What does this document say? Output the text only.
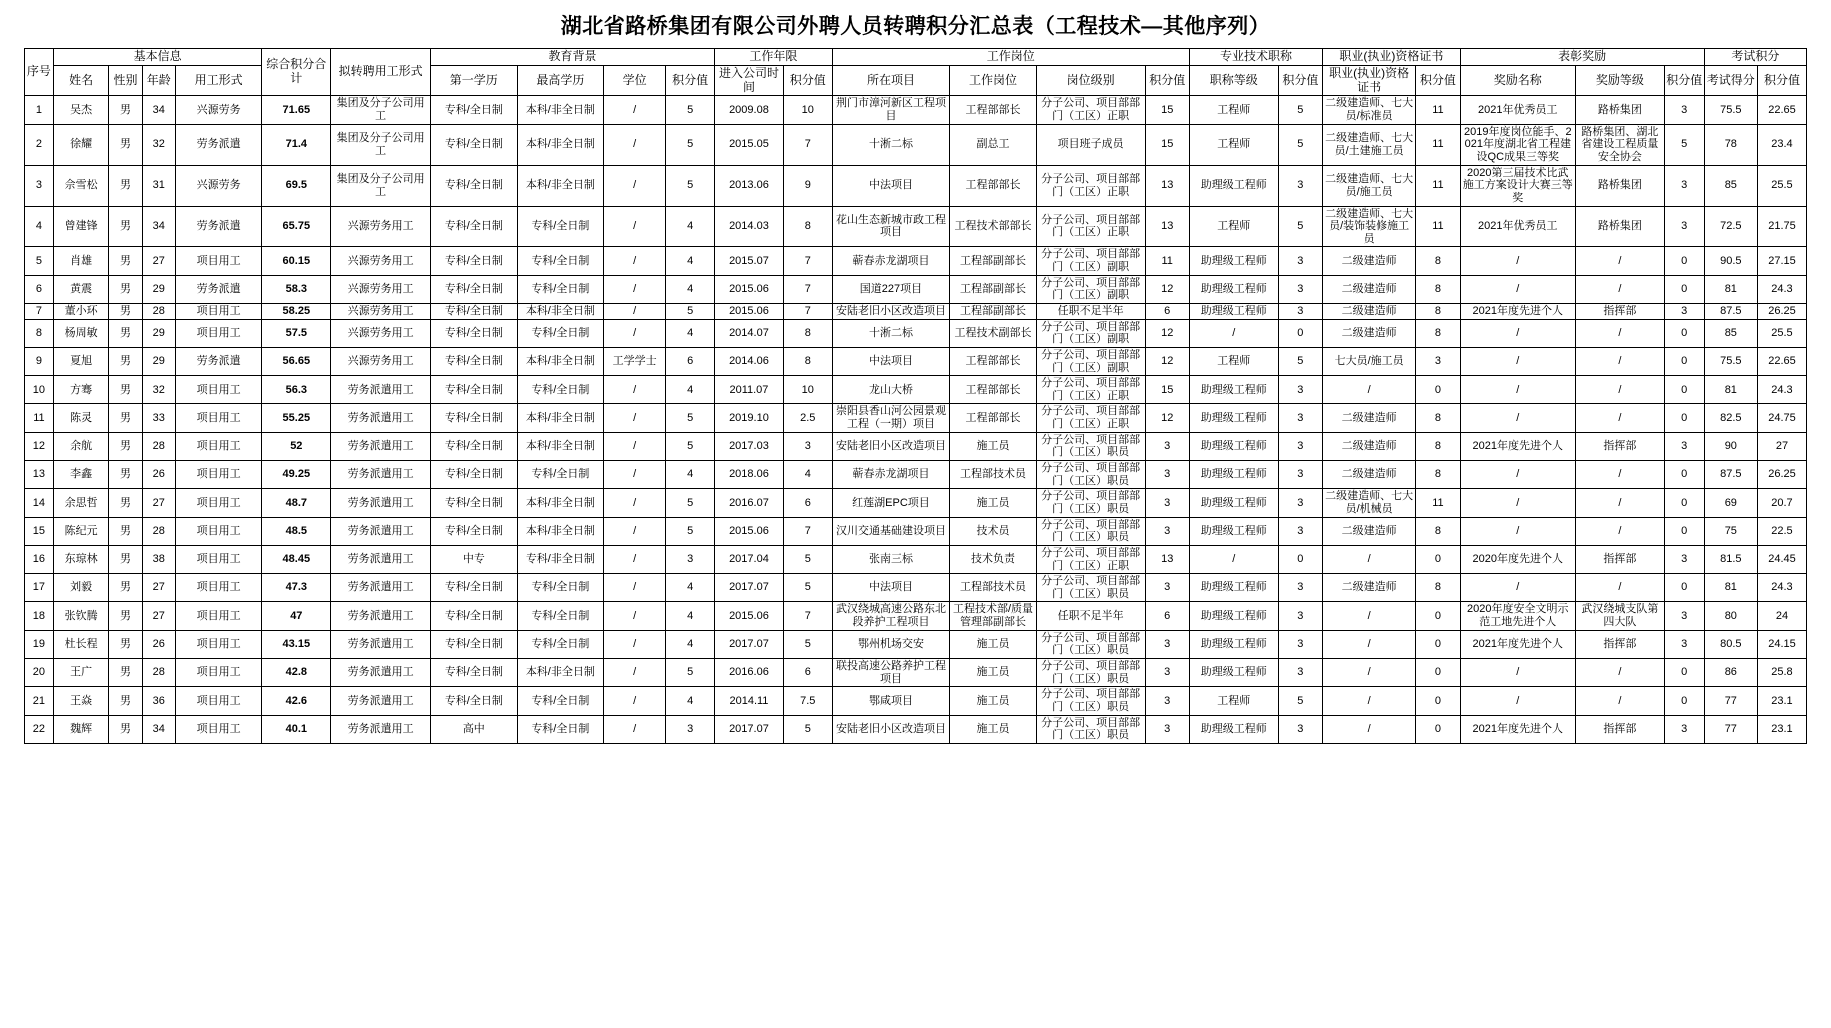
湖北省路桥集团有限公司外聘人员转聘积分汇总表（工程技术—其他序列）
序号	基本信息				综合积分合计	拟转聘用工形式	教育背景				工作年限		工作岗位				专业技术职称		职业(执业)资格证书		表彰奖励			考试积分	
	姓名	性别	年龄	用工形式			第一学历	最高学历	学位	积分值	进入公司时间	积分值	所在项目	工作岗位	岗位级别	积分值	职称等级	积分值	职业(执业)资格证书	积分值	奖励名称	奖励等级	积分值	考试得分	积分值
1	吴杰	男	34	兴源劳务	71.65	集团及分子公司用工	专科/全日制	本科/非全日制	/	5	2009.08	10	荆门市漳河新区工程项目	工程部部长	分子公司、项目部部门（工区）正职	15	工程师	5	二级建造师、七大员/标准员	11	2021年优秀员工	路桥集团	3	75.5	22.65
2	徐耀	男	32	劳务派遣	71.4	集团及分子公司用工	专科/全日制	本科/非全日制	/	5	2015.05	7	十淅二标	副总工	项目班子成员	15	工程师	5	二级建造师、七大员/土建施工员	11	2019年度岗位能手、2021年度湖北省工程建设QC成果三等奖	路桥集团、湖北省建设工程质量安全协会	5	78	23.4
3	佘雪松	男	31	兴源劳务	69.5	集团及分子公司用工	专科/全日制	本科/非全日制	/	5	2013.06	9	中法项目	工程部部长	分子公司、项目部部门（工区）正职	13	助理级工程师	3	二级建造师、七大员/施工员	11	2020第三届技术比武施工方案设计大赛三等奖	路桥集团	3	85	25.5
4	曾建锋	男	34	劳务派遣	65.75	兴源劳务用工	专科/全日制	专科/全日制	/	4	2014.03	8	花山生态新城市政工程项目	工程技术部部长	分子公司、项目部部门（工区）正职	13	工程师	5	二级建造师、七大员/装饰装修施工员	11	2021年优秀员工	路桥集团	3	72.5	21.75
5	肖雄	男	27	项目用工	60.15	兴源劳务用工	专科/全日制	专科/全日制	/	4	2015.07	7	蕲春赤龙湖项目	工程部副部长	分子公司、项目部部门（工区）副职	11	助理级工程师	3	二级建造师	8	/	/	0	90.5	27.15
6	黄震	男	29	劳务派遣	58.3	兴源劳务用工	专科/全日制	专科/全日制	/	4	2015.06	7	国道227项目	工程部副部长	分子公司、项目部部门（工区）副职	12	助理级工程师	3	二级建造师	8	/	/	0	81	24.3
7	董小环	男	28	项目用工	58.25	兴源劳务用工	专科/全日制	本科/非全日制	/	5	2015.06	7	安陆老旧小区改造项目	工程部副部长	任职不足半年	6	助理级工程师	3	二级建造师	8	2021年度先进个人	指挥部	3	87.5	26.25
8	杨周敏	男	29	项目用工	57.5	兴源劳务用工	专科/全日制	专科/全日制	/	4	2014.07	8	十淅二标	工程技术副部长	分子公司、项目部部门（工区）副职	12	/	0	二级建造师	8	/	/	0	85	25.5
9	夏旭	男	29	劳务派遣	56.65	兴源劳务用工	专科/全日制	本科/非全日制	工学学士	6	2014.06	8	中法项目	工程部部长	分子公司、项目部部门（工区）副职	12	工程师	5	七大员/施工员	3	/	/	0	75.5	22.65
10	方骞	男	32	项目用工	56.3	劳务派遣用工	专科/全日制	专科/全日制	/	4	2011.07	10	龙山大桥	工程部部长	分子公司、项目部部门（工区）正职	15	助理级工程师	3	/	0	/	/	0	81	24.3
11	陈灵	男	33	项目用工	55.25	劳务派遣用工	专科/全日制	本科/非全日制	/	5	2019.10	2.5	崇阳县香山河公园景观工程（一期）项目	工程部部长	分子公司、项目部部门（工区）正职	12	助理级工程师	3	二级建造师	8	/	/	0	82.5	24.75
12	余航	男	28	项目用工	52	劳务派遣用工	专科/全日制	本科/非全日制	/	5	2017.03	3	安陆老旧小区改造项目	施工员	分子公司、项目部部门（工区）职员	3	助理级工程师	3	二级建造师	8	2021年度先进个人	指挥部	3	90	27
13	李鑫	男	26	项目用工	49.25	劳务派遣用工	专科/全日制	专科/全日制	/	4	2018.06	4	蕲春赤龙湖项目	工程部技术员	分子公司、项目部部门（工区）职员	3	助理级工程师	3	二级建造师	8	/	/	0	87.5	26.25
14	余思哲	男	27	项目用工	48.7	劳务派遣用工	专科/全日制	本科/非全日制	/	5	2016.07	6	红莲湖EPC项目	施工员	分子公司、项目部部门（工区）职员	3	助理级工程师	3	二级建造师、七大员/机械员	11	/	/	0	69	20.7
15	陈纪元	男	28	项目用工	48.5	劳务派遣用工	专科/全日制	本科/非全日制	/	5	2015.06	7	汉川交通基础建设项目	技术员	分子公司、项目部部门（工区）职员	3	助理级工程师	3	二级建造师	8	/	/	0	75	22.5
16	东琼林	男	38	项目用工	48.45	劳务派遣用工	中专	专科/非全日制	/	3	2017.04	5	张南三标	技术负责	分子公司、项目部部门（工区）正职	13	/	0	/	0	2020年度先进个人	指挥部	3	81.5	24.45
17	刘毅	男	27	项目用工	47.3	劳务派遣用工	专科/全日制	专科/全日制	/	4	2017.07	5	中法项目	工程部技术员	分子公司、项目部部门（工区）职员	3	助理级工程师	3	二级建造师	8	/	/	0	81	24.3
18	张钦腾	男	27	项目用工	47	劳务派遣用工	专科/全日制	专科/全日制	/	4	2015.06	7	武汉绕城高速公路东北段养护工程项目	工程技术部/质量管理部副部长	任职不足半年	6	助理级工程师	3	/	0	2020年度安全文明示范工地先进个人	武汉绕城支队第四大队	3	80	24
19	杜长程	男	26	项目用工	43.15	劳务派遣用工	专科/全日制	专科/全日制	/	4	2017.07	5	鄂州机场交安	施工员	分子公司、项目部部门（工区）职员	3	助理级工程师	3	/	0	2021年度先进个人	指挥部	3	80.5	24.15
20	王广	男	28	项目用工	42.8	劳务派遣用工	专科/全日制	本科/非全日制	/	5	2016.06	6	联投高速公路养护工程项目	施工员	分子公司、项目部部门（工区）职员	3	助理级工程师	3	/	0	/	/	0	86	25.8
21	王焱	男	36	项目用工	42.6	劳务派遣用工	专科/全日制	专科/全日制	/	4	2014.11	7.5	鄂咸项目	施工员	分子公司、项目部部门（工区）职员	3	工程师	5	/	0	/	/	0	77	23.1
22	魏辉	男	34	项目用工	40.1	劳务派遣用工	高中	专科/全日制	/	3	2017.07	5	安陆老旧小区改造项目	施工员	分子公司、项目部部门（工区）职员	3	助理级工程师	3	/	0	2021年度先进个人	指挥部	3	77	23.1
